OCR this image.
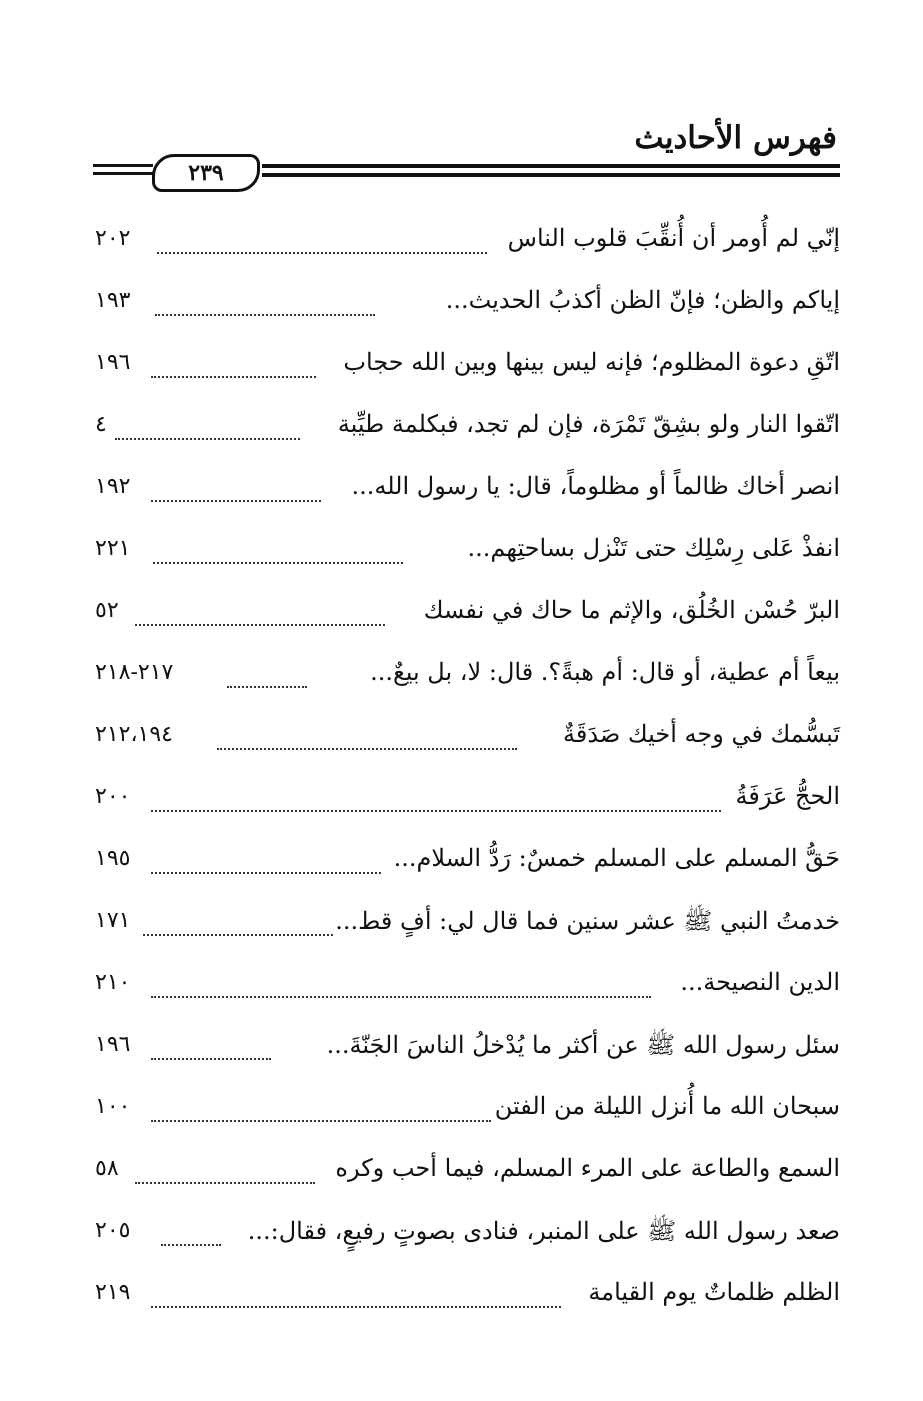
فهرس الأحاديث
٢٣٩
إنّي لم أُومر أن أُنقِّبَ قلوب الناس
٢٠٢
إياكم والظن؛ فإنّ الظن أكذبُ الحديث...
١٩٣
اتّقِ دعوة المظلوم؛ فإنه ليس بينها وبين الله حجاب
١٩٦
اتّقوا النار ولو بشِقّ تَمْرَة، فإن لم تجد، فبكلمة طيِّبة
٤
انصر أخاك ظالماً أو مظلوماً، قال: يا رسول الله...
١٩٢
انفذْ عَلى رِسْلِك حتى تَنْزل بساحتِهم...
٢٢١
البرّ حُسْن الخُلُق، والإثم ما حاك في نفسك
٥٢
بيعاً أم عطية، أو قال: أم هبةً؟. قال: لا، بل بيعٌ...
٢١٧-٢١٨
تَبسُّمك في وجه أخيك صَدَقَةٌ
٢١٢،١٩٤
الحجُّ عَرَفَةُ
٢٠٠
حَقُّ المسلم على المسلم خمسٌ: رَدُّ السلام...
١٩٥
خدمتُ النبي ﷺ عشر سنين فما قال لي: أفٍ قط...
١٧١
الدين النصيحة...
٢١٠
سئل رسول الله ﷺ عن أكثر ما يُدْخلُ الناسَ الجَنّةَ...
١٩٦
سبحان الله ما أُنزل الليلة من الفتن
١٠٠
السمع والطاعة على المرء المسلم، فيما أحب وكره
٥٨
صعد رسول الله ﷺ على المنبر، فنادى بصوتٍ رفيعٍ، فقال:...
٢٠٥
الظلم ظلماتٌ يوم القيامة
٢١٩
